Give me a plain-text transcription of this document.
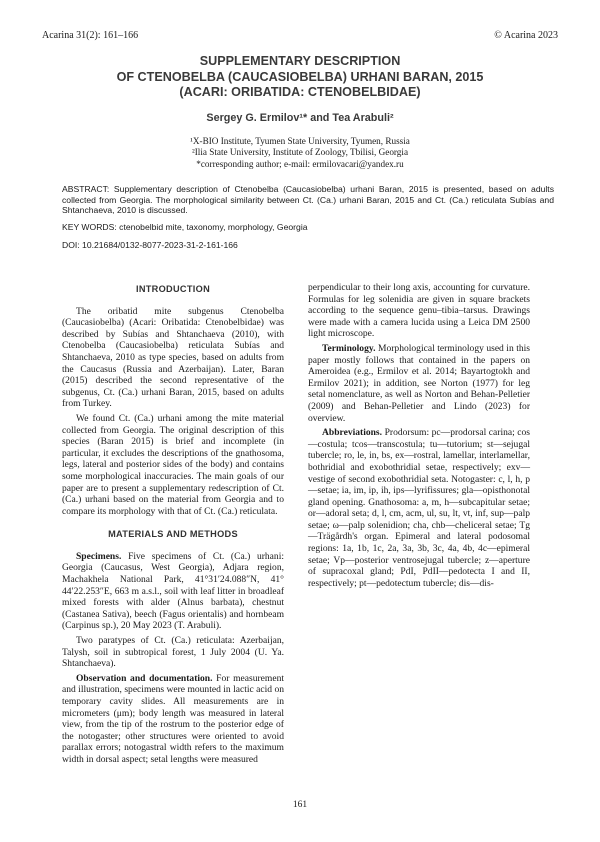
Acarina 31(2): 161–166	© Acarina 2023
SUPPLEMENTARY DESCRIPTION
OF CTENOBELBA (CAUCASIOBELBA) URHANI BARAN, 2015
(ACARI: ORIBATIDA: CTENOBELBIDAE)
Sergey G. Ermilov¹* and Tea Arabuli²
¹X-BIO Institute, Tyumen State University, Tyumen, Russia
²Ilia State University, Institute of Zoology, Tbilisi, Georgia
*corresponding author; e-mail: ermilovacari@yandex.ru
ABSTRACT: Supplementary description of Ctenobelba (Caucasiobelba) urhani Baran, 2015 is presented, based on adults collected from Georgia. The morphological similarity between Ct. (Ca.) urhani Baran, 2015 and Ct. (Ca.) reticulata Subías and Shtanchaeva, 2010 is discussed.
KEY WORDS: ctenobelbid mite, taxonomy, morphology, Georgia
DOI: 10.21684/0132-8077-2023-31-2-161-166
INTRODUCTION

The oribatid mite subgenus Ctenobelba (Caucasiobelba) (Acari: Oribatida: Ctenobelbidae) was described by Subías and Shtanchaeva (2010), with Ctenobelba (Caucasiobelba) reticulata Subías and Shtanchaeva, 2010 as type species, based on adults from the Caucasus (Russia and Azerbaijan). Later, Baran (2015) described the second representative of the subgenus, Ct. (Ca.) urhani Baran, 2015, based on adults from Turkey.

We found Ct. (Ca.) urhani among the mite material collected from Georgia. The original description of this species (Baran 2015) is brief and incomplete (in particular, it excludes the descriptions of the gnathosoma, legs, lateral and posterior sides of the body) and contains some morphological inaccuracies. The main goals of our paper are to present a supplementary redescription of Ct. (Ca.) urhani based on the material from Georgia and to compare its morphology with that of Ct. (Ca.) reticulata.

MATERIALS AND METHODS

Specimens. Five specimens of Ct. (Ca.) urhani: Georgia (Caucasus, West Georgia), Adjara region, Machakhela National Park, 41°31′24.088″N, 41° 44′22.253″E, 663 m a.s.l., soil with leaf litter in broadleaf mixed forests with alder (Alnus barbata), chestnut (Castanea Sativa), beech (Fagus orientalis) and hornbeam (Carpinus sp.), 20 May 2023 (T. Arabuli).

Two paratypes of Ct. (Ca.) reticulata: Azerbaijan, Talysh, soil in subtropical forest, 1 July 2004 (U. Ya. Shtanchaeva).

Observation and documentation. For measurement and illustration, specimens were mounted in lactic acid on temporary cavity slides. All measurements are in micrometers (μm); body length was measured in lateral view, from the tip of the rostrum to the posterior edge of the notogaster; other structures were oriented to avoid parallax errors; notogastral width refers to the maximum width in dorsal aspect; setal lengths were measured

perpendicular to their long axis, accounting for curvature. Formulas for leg solenidia are given in square brackets according to the sequence genu–tibia–tarsus. Drawings were made with a camera lucida using a Leica DM 2500 light microscope.

Terminology. Morphological terminology used in this paper mostly follows that contained in the papers on Ameroidea (e.g., Ermilov et al. 2014; Bayartogtokh and Ermilov 2021); in addition, see Norton (1977) for leg setal nomenclature, as well as Norton and Behan-Pelletier (2009) and Behan-Pelletier and Lindo (2023) for overview.

Abbreviations. Prodorsum: pc—prodorsal carina; cos—costula; tcos—transcostula; tu—tutorium; st—sejugal tubercle; ro, le, in, bs, ex—rostral, lamellar, interlamellar, bothridial and exobothridial setae, respectively; exv—vestige of second exobothridial seta. Notogaster: c, l, h, p—setae; ia, im, ip, ih, ips—lyrifissures; gla—opisthonotal gland opening. Gnathosoma: a, m, h—subcapitular setae; or—adoral seta; d, l, cm, acm, ul, su, lt, vt, inf, sup—palp setae; ω—palp solenidion; cha, chb—cheliceral setae; Tg—Trägårdh's organ. Epimeral and lateral podosomal regions: 1a, 1b, 1c, 2a, 3a, 3b, 3c, 4a, 4b, 4c—epimeral setae; Vp—posterior ventrosejugal tubercle; z—aperture of supracoxal gland; PdI, PdII—pedotecta I and II, respectively; pt—pedotectum tubercle; dis—dis-

161
